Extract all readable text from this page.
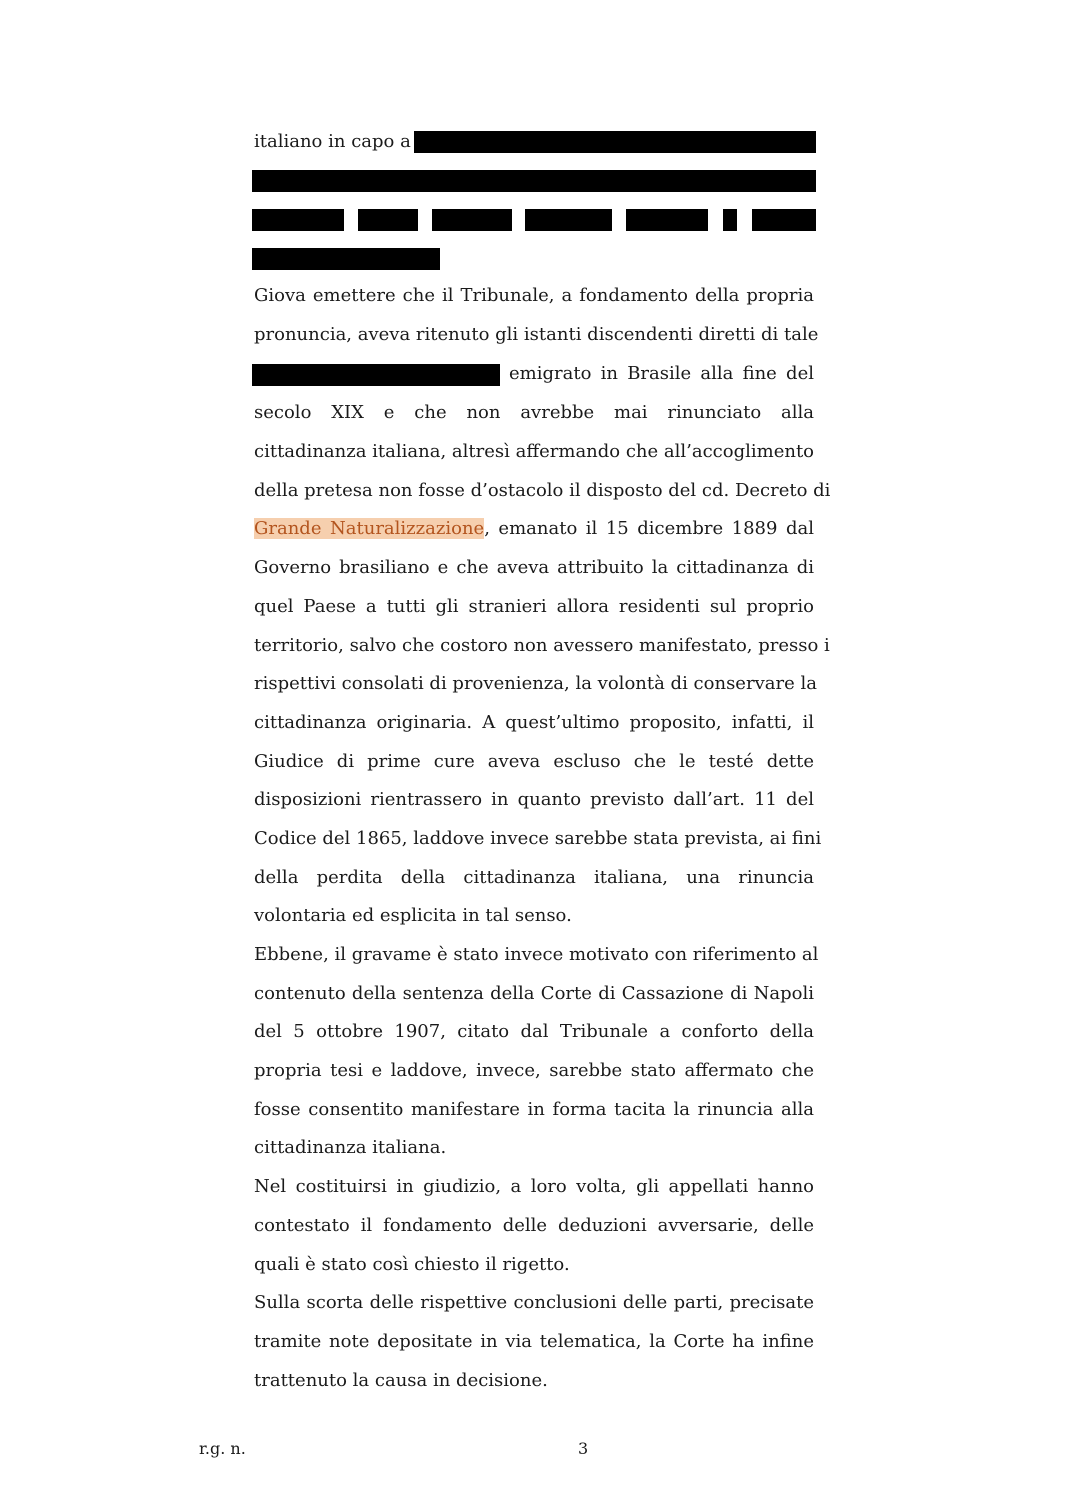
italiano in capo a
Giova emettere che il Tribunale, a fondamento della propria
pronuncia, aveva ritenuto gli istanti discendenti diretti di tale
emigrato in Brasile alla fine del
secolo XIX e che non avrebbe mai rinunciato alla
cittadinanza italiana, altresì affermando che all’accoglimento
della pretesa non fosse d’ostacolo il disposto del cd. Decreto di
Grande Naturalizzazione, emanato il 15 dicembre 1889 dal
Governo brasiliano e che aveva attribuito la cittadinanza di
quel Paese a tutti gli stranieri allora residenti sul proprio
territorio, salvo che costoro non avessero manifestato, presso i
rispettivi consolati di provenienza, la volontà di conservare la
cittadinanza originaria. A quest’ultimo proposito, infatti, il
Giudice di prime cure aveva escluso che le testé dette
disposizioni rientrassero in quanto previsto dall’art. 11 del
Codice del 1865, laddove invece sarebbe stata prevista, ai fini
della perdita della cittadinanza italiana, una rinuncia
volontaria ed esplicita in tal senso.
Ebbene, il gravame è stato invece motivato con riferimento al
contenuto della sentenza della Corte di Cassazione di Napoli
del 5 ottobre 1907, citato dal Tribunale a conforto della
propria tesi e laddove, invece, sarebbe stato affermato che
fosse consentito manifestare in forma tacita la rinuncia alla
cittadinanza italiana.
Nel costituirsi in giudizio, a loro volta, gli appellati hanno
contestato il fondamento delle deduzioni avversarie, delle
quali è stato così chiesto il rigetto.
Sulla scorta delle rispettive conclusioni delle parti, precisate
tramite note depositate in via telematica, la Corte ha infine
trattenuto la causa in decisione.
r.g. n.	3
